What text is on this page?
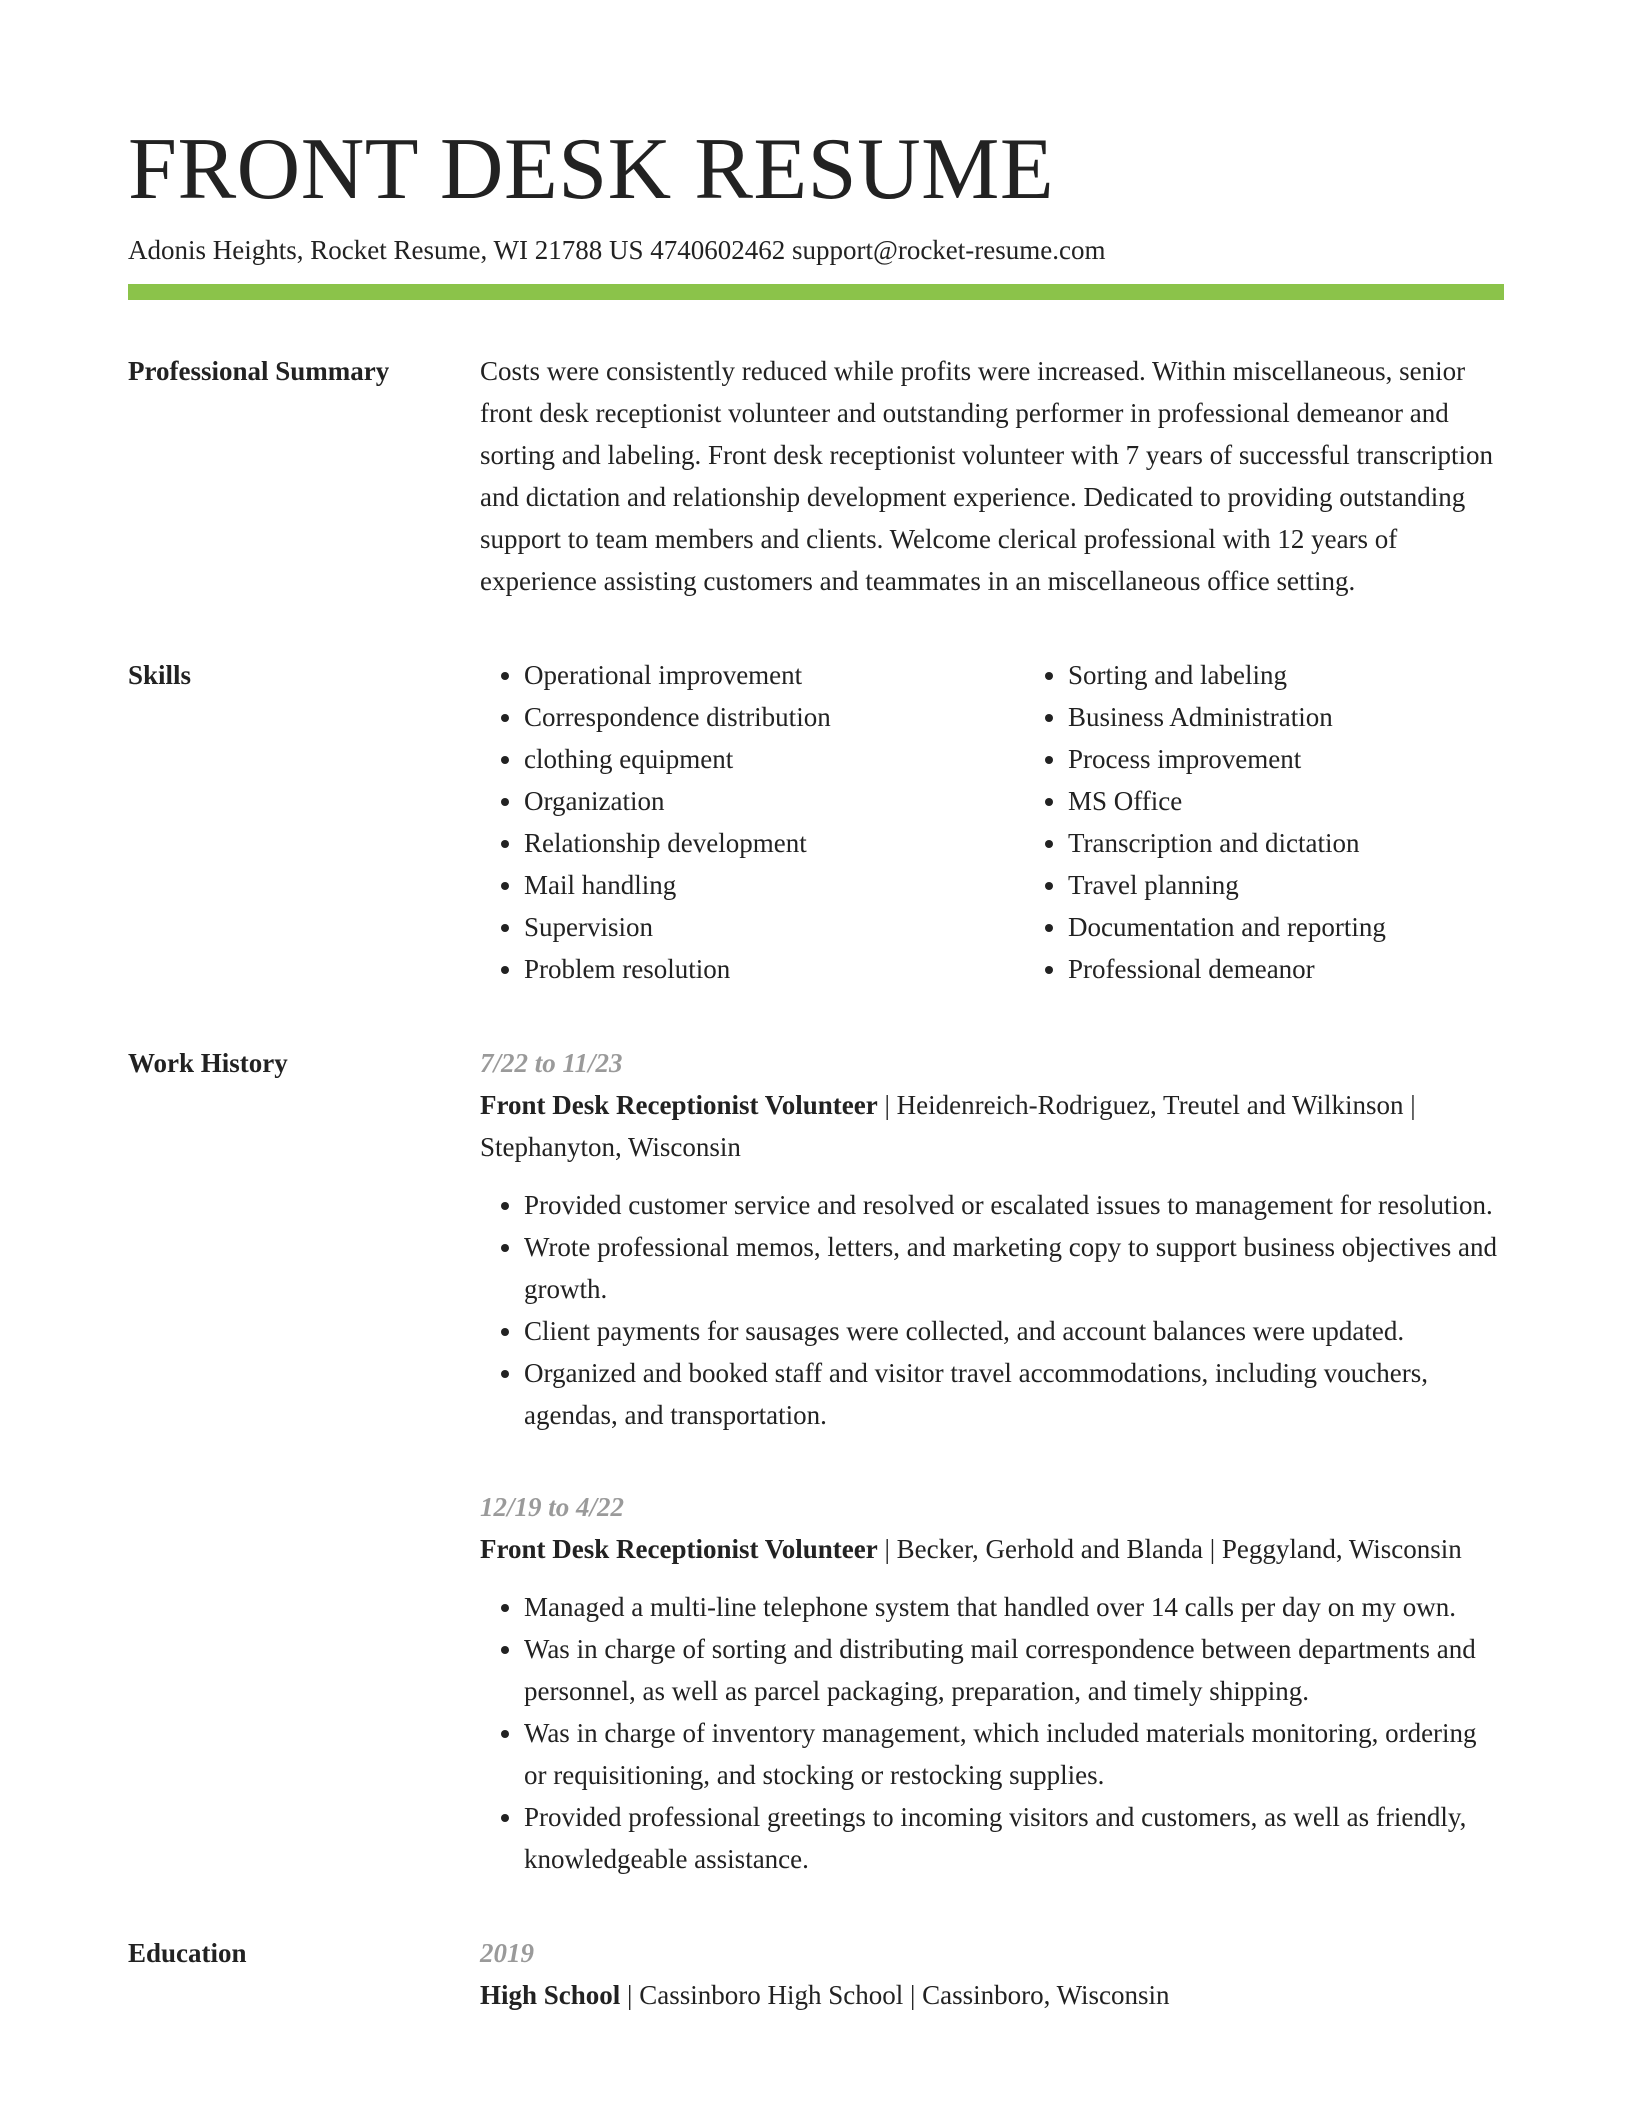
FRONT DESK RESUME
Adonis Heights, Rocket Resume, WI 21788 US 4740602462 support@rocket-resume.com
Professional Summary	Costs were consistently reduced while profits were increased. Within miscellaneous, senior front desk receptionist volunteer and outstanding performer in professional demeanor and sorting and labeling. Front desk receptionist volunteer with 7 years of successful transcription and dictation and relationship development experience. Dedicated to providing outstanding support to team members and clients. Welcome clerical professional with 12 years of experience assisting customers and teammates in an miscellaneous office setting.

Skills
•	Operational improvement
• Correspondence distribution
• clothing equipment
• Organization
• Relationship development
• Mail handling
• Supervision
• Problem resolution
• Sorting and labeling
• Business Administration
• Process improvement
• MS Office
• Transcription and dictation
• Travel planning
• Documentation and reporting
• Professional demeanor
Work History	7/22 to 11/23
Front Desk Receptionist Volunteer | Heidenreich-Rodriguez, Treutel and Wilkinson | Stephanyton, Wisconsin
• Provided customer service and resolved or escalated issues to management for resolution.
• Wrote professional memos, letters, and marketing copy to support business objectives and growth.
• Client payments for sausages were collected, and account balances were updated.
• Organized and booked staff and visitor travel accommodations, including vouchers, agendas, and transportation.
12/19 to 4/22
Front Desk Receptionist Volunteer | Becker, Gerhold and Blanda | Peggyland, Wisconsin
• Managed a multi-line telephone system that handled over 14 calls per day on my own.
• Was in charge of sorting and distributing mail correspondence between departments and personnel, as well as parcel packaging, preparation, and timely shipping.
• Was in charge of inventory management, which included materials monitoring, ordering or requisitioning, and stocking or restocking supplies.
• Provided professional greetings to incoming visitors and customers, as well as friendly, knowledgeable assistance.
Education	2019
High School | Cassinboro High School | Cassinboro, Wisconsin
